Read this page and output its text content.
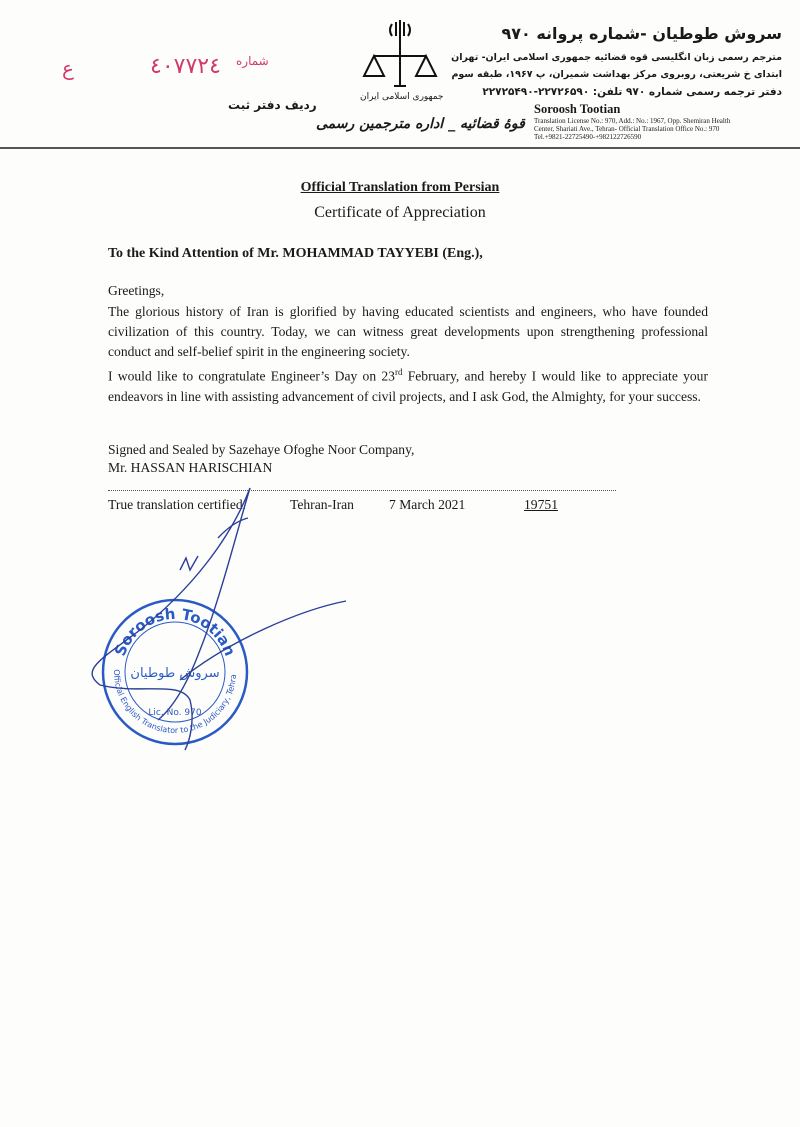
ع	٤٠٧٧٢٤ شماره
ردیف دفتر ثبت
جمهوری اسلامی ایران
قوۀ قضائیه _ اداره مترجمین رسمی
سروش طوطیان -شماره پروانه ۹۷۰
مترجم رسمی زبان انگلیسی قوه قضائیه جمهوری اسلامی ایران- تهران
ابتدای خ شریعتی، روبروی مرکز بهداشت شمیران، پ ۱۹۶۷، طبقه سوم
دفتر ترجمه رسمی شماره ۹۷۰ تلفن: ۲۲۷۲۶۵۹۰-۲۲۷۲۵۴۹۰
Soroosh Tootian
Translation License No.: 970, Add.: No.: 1967, Opp. Shemiran Health
Center, Shariati Ave., Tehran- Official Translation Office No.: 970
Tel.+9821-22725490-+982122726590
Official Translation from Persian
Certificate of Appreciation
To the Kind Attention of Mr. MOHAMMAD TAYYEBI (Eng.),
Greetings,
The glorious history of Iran is glorified by having educated scientists and engineers, who have founded civilization of this country. Today, we can witness great developments upon strengthening professional conduct and self-belief spirit in the engineering society.
I would like to congratulate Engineer’s Day on 23rd February, and hereby I would like to appreciate your endeavors in line with assisting advancement of civil projects, and I ask God, the Almighty, for your success.
Signed and Sealed by Sazehaye Ofoghe Noor Company,
Mr. HASSAN HARISCHIAN
True translation certified.	Tehran-Iran	7 March 2021	19751
Soroosh Tootian
Official English Translator to the Judiciary, Tehra
سروش طوطیان
Lic. No. 970
